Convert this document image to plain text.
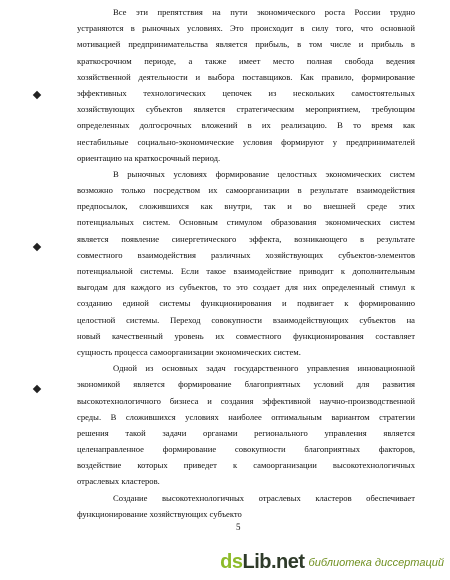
Все эти препятствия на пути экономического роста России трудно
устраняются в рыночных условиях. Это происходит в силу того, что основной
мотивацией предпринимательства является прибыль, в том числе и прибыль в
краткосрочном периоде, а также имеет место полная свобода ведения
хозяйственной деятельности и выбора поставщиков. Как правило, формирование
эффективных технологических цепочек из нескольких самостоятельных
хозяйствующих субъектов является стратегическим мероприятием, требующим
определенных долгосрочных вложений в их реализацию. В то время как
нестабильные социально-экономические условия формируют у предпринимателей
ориентацию на краткосрочный период.
В рыночных условиях формирование целостных экономических систем
возможно только посредством их самоорганизации в результате взаимодействия
предпосылок, сложившихся как внутри, так и во внешней среде этих
потенциальных систем. Основным стимулом образования экономических систем
является появление синергетического эффекта, возникающего в результате
совместного взаимодействия различных хозяйствующих субъектов-элементов
потенциальной системы. Если такое взаимодействие приводит к дополнительным
выгодам для каждого из субъектов, то это создает для них определенный стимул к
созданию единой системы функционирования и подвигает к формированию
целостной системы. Переход совокупности взаимодействующих субъектов на
новый качественный уровень их совместного функционирования составляет
сущность процесса самоорганизации экономических систем.
Одной из основных задач государственного управления инновационной
экономикой является формирование благоприятных условий для развития
высокотехнологичного бизнеса и создания эффективной научно-производственной
среды. В сложившихся условиях наиболее оптимальным вариантом стратегии
решения такой задачи органами регионального управления является
целенаправленное формирование совокупности благоприятных факторов,
воздействие которых приведет к самоорганизации высокотехнологичных
отраслевых кластеров.
Создание высокотехнологичных отраслевых кластеров обеспечивает
функционирование хозяйствующих субъекто
5
dsLib.net библиотека диссертаций
